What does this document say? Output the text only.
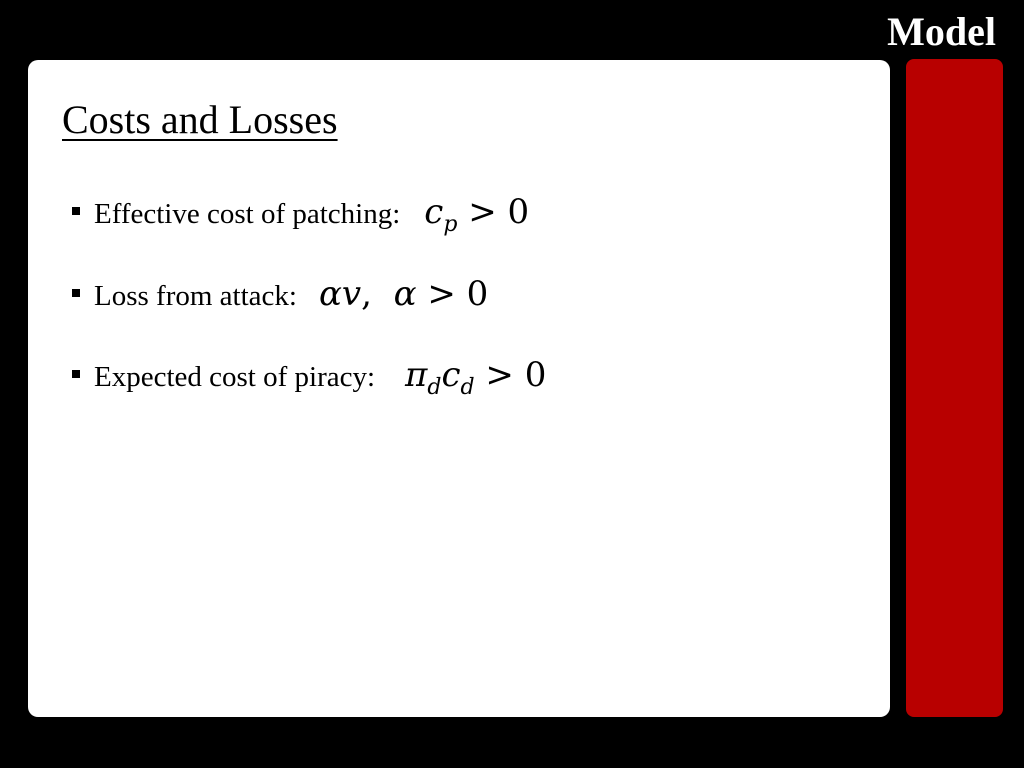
Model
Costs and Losses
Effective cost of patching: $c_p > 0$
Loss from attack: αv,  α > 0
Expected cost of piracy: $\pi_dc_d > 0$
